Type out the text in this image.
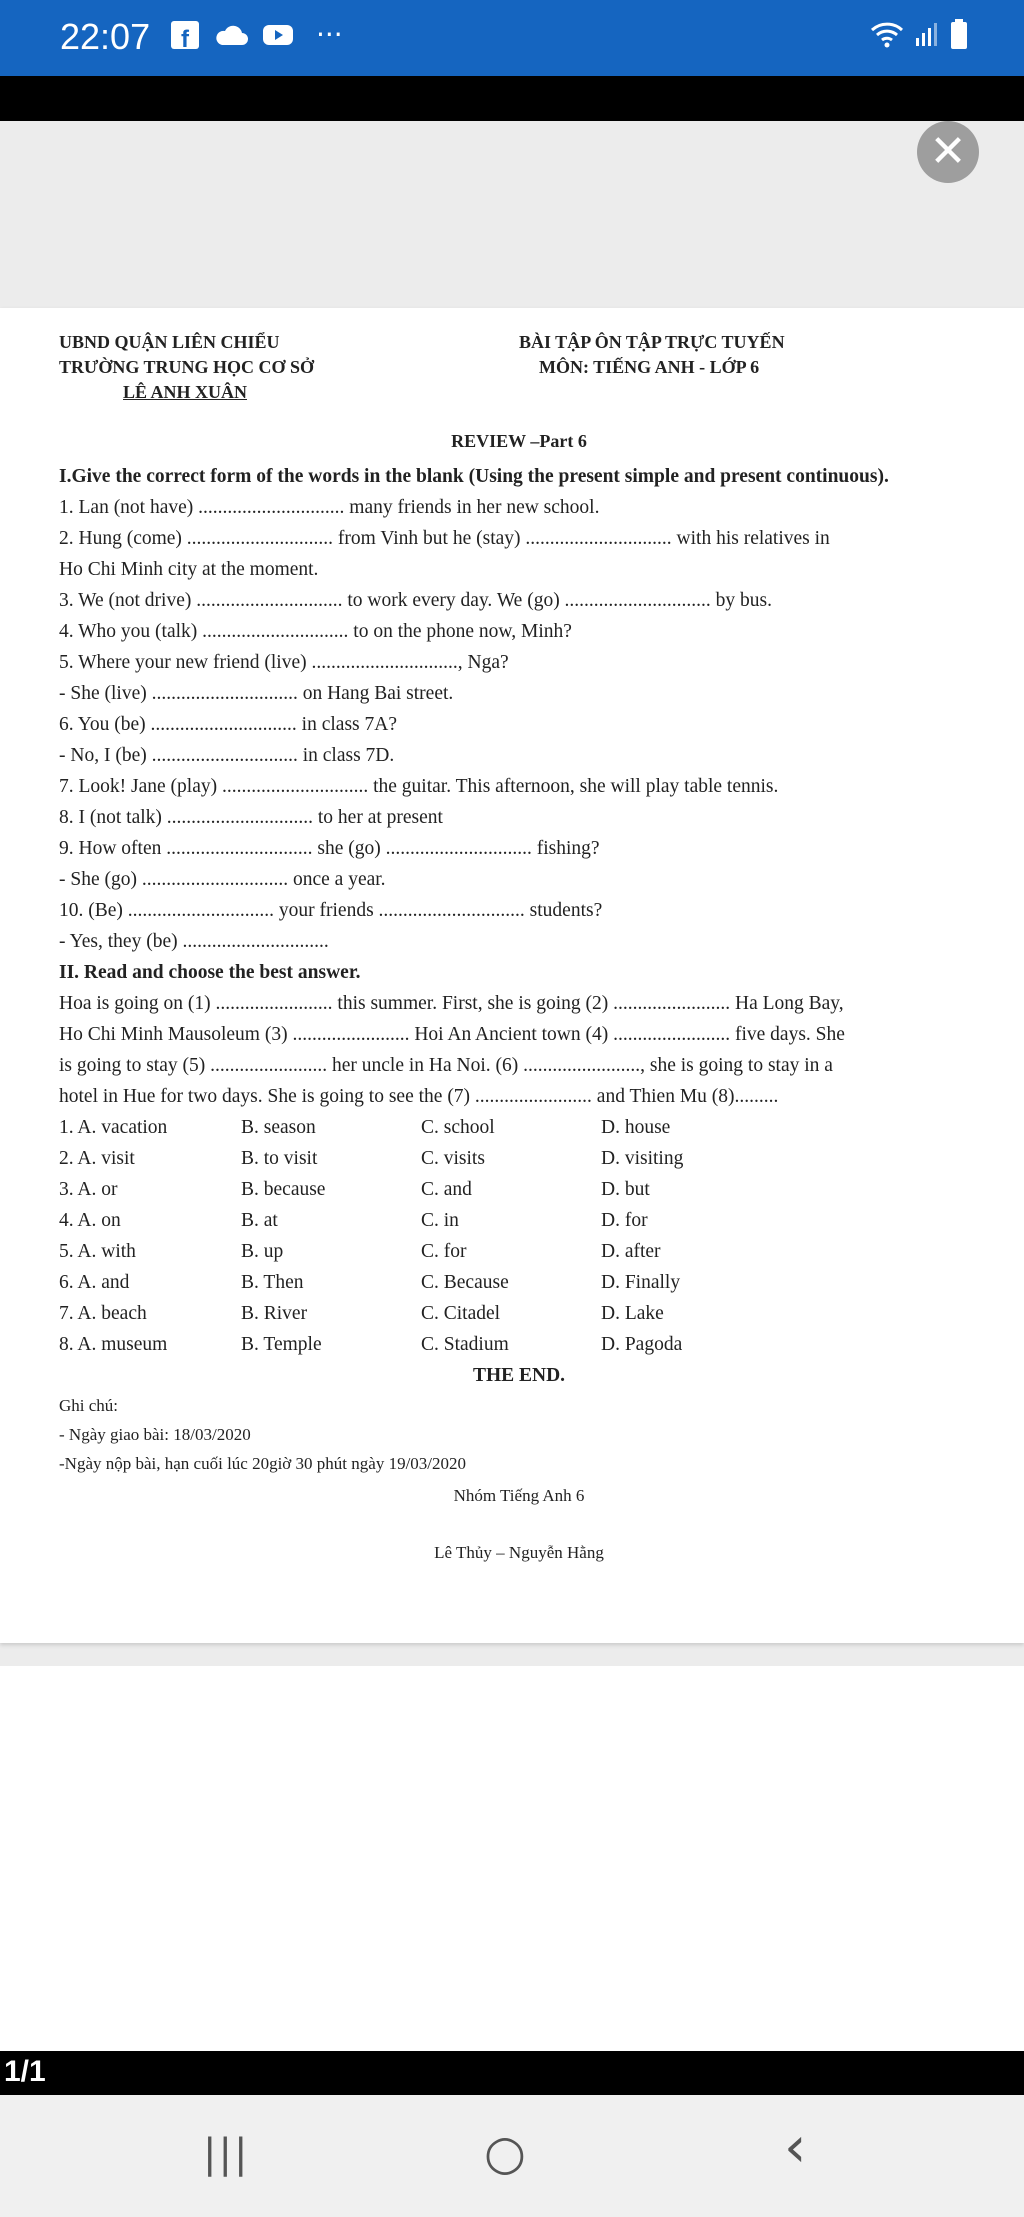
22:07 f	···
UBND QUẬN LIÊN CHIỂU
TRƯỜNG TRUNG HỌC CƠ SỞ
LÊ ANH XUÂN
BÀI TẬP ÔN TẬP TRỰC TUYẾN
MÔN: TIẾNG ANH - LỚP 6
REVIEW –Part 6
I.Give the correct form of the words in the blank (Using the present simple and present continuous).
1. Lan (not have) .............................. many friends in her new school.
2. Hung (come) .............................. from Vinh but he (stay) .............................. with his relatives in
Ho Chi Minh city at the moment.
3. We (not drive) .............................. to work every day. We (go) .............................. by bus.
4. Who you (talk) .............................. to on the phone now, Minh?
5. Where your new friend (live) .............................., Nga?
- She (live) .............................. on Hang Bai street.
6. You (be) .............................. in class 7A?
- No, I (be) .............................. in class 7D.
7. Look! Jane (play) .............................. the guitar. This afternoon, she will play table tennis.
8. I (not talk) .............................. to her at present
9. How often .............................. she (go) .............................. fishing?
- She (go) .............................. once a year.
10. (Be) .............................. your friends .............................. students?
- Yes, they (be) ..............................
II. Read and choose the best answer.
Hoa is going on (1) ........................ this summer. First, she is going (2) ........................ Ha Long Bay,
Ho Chi Minh Mausoleum (3) ........................ Hoi An Ancient town (4) ........................ five days. She
is going to stay (5) ........................ her uncle in Ha Noi. (6) ........................, she is going to stay in a
hotel in Hue for two days. She is going to see the (7) ........................ and Thien Mu (8).........
1. A. vacation	B. season	C. school	D. house
2. A. visit	B. to visit	C. visits	D. visiting
3. A. or	B. because	C. and	D. but
4. A. on	B. at	C. in	D. for
5. A. with	B. up	C. for	D. after
6. A. and	B. Then	C. Because	D. Finally
7. A. beach	B. River	C. Citadel	D. Lake
8. A. museum	B. Temple	C. Stadium	D. Pagoda
THE END.
Ghi chú:
- Ngày giao bài: 18/03/2020
-Ngày nộp bài, hạn cuối lúc 20giờ 30 phút ngày 19/03/2020
Nhóm Tiếng Anh 6
Lê Thủy – Nguyễn Hằng
✕
1/1
|||	○	‹
